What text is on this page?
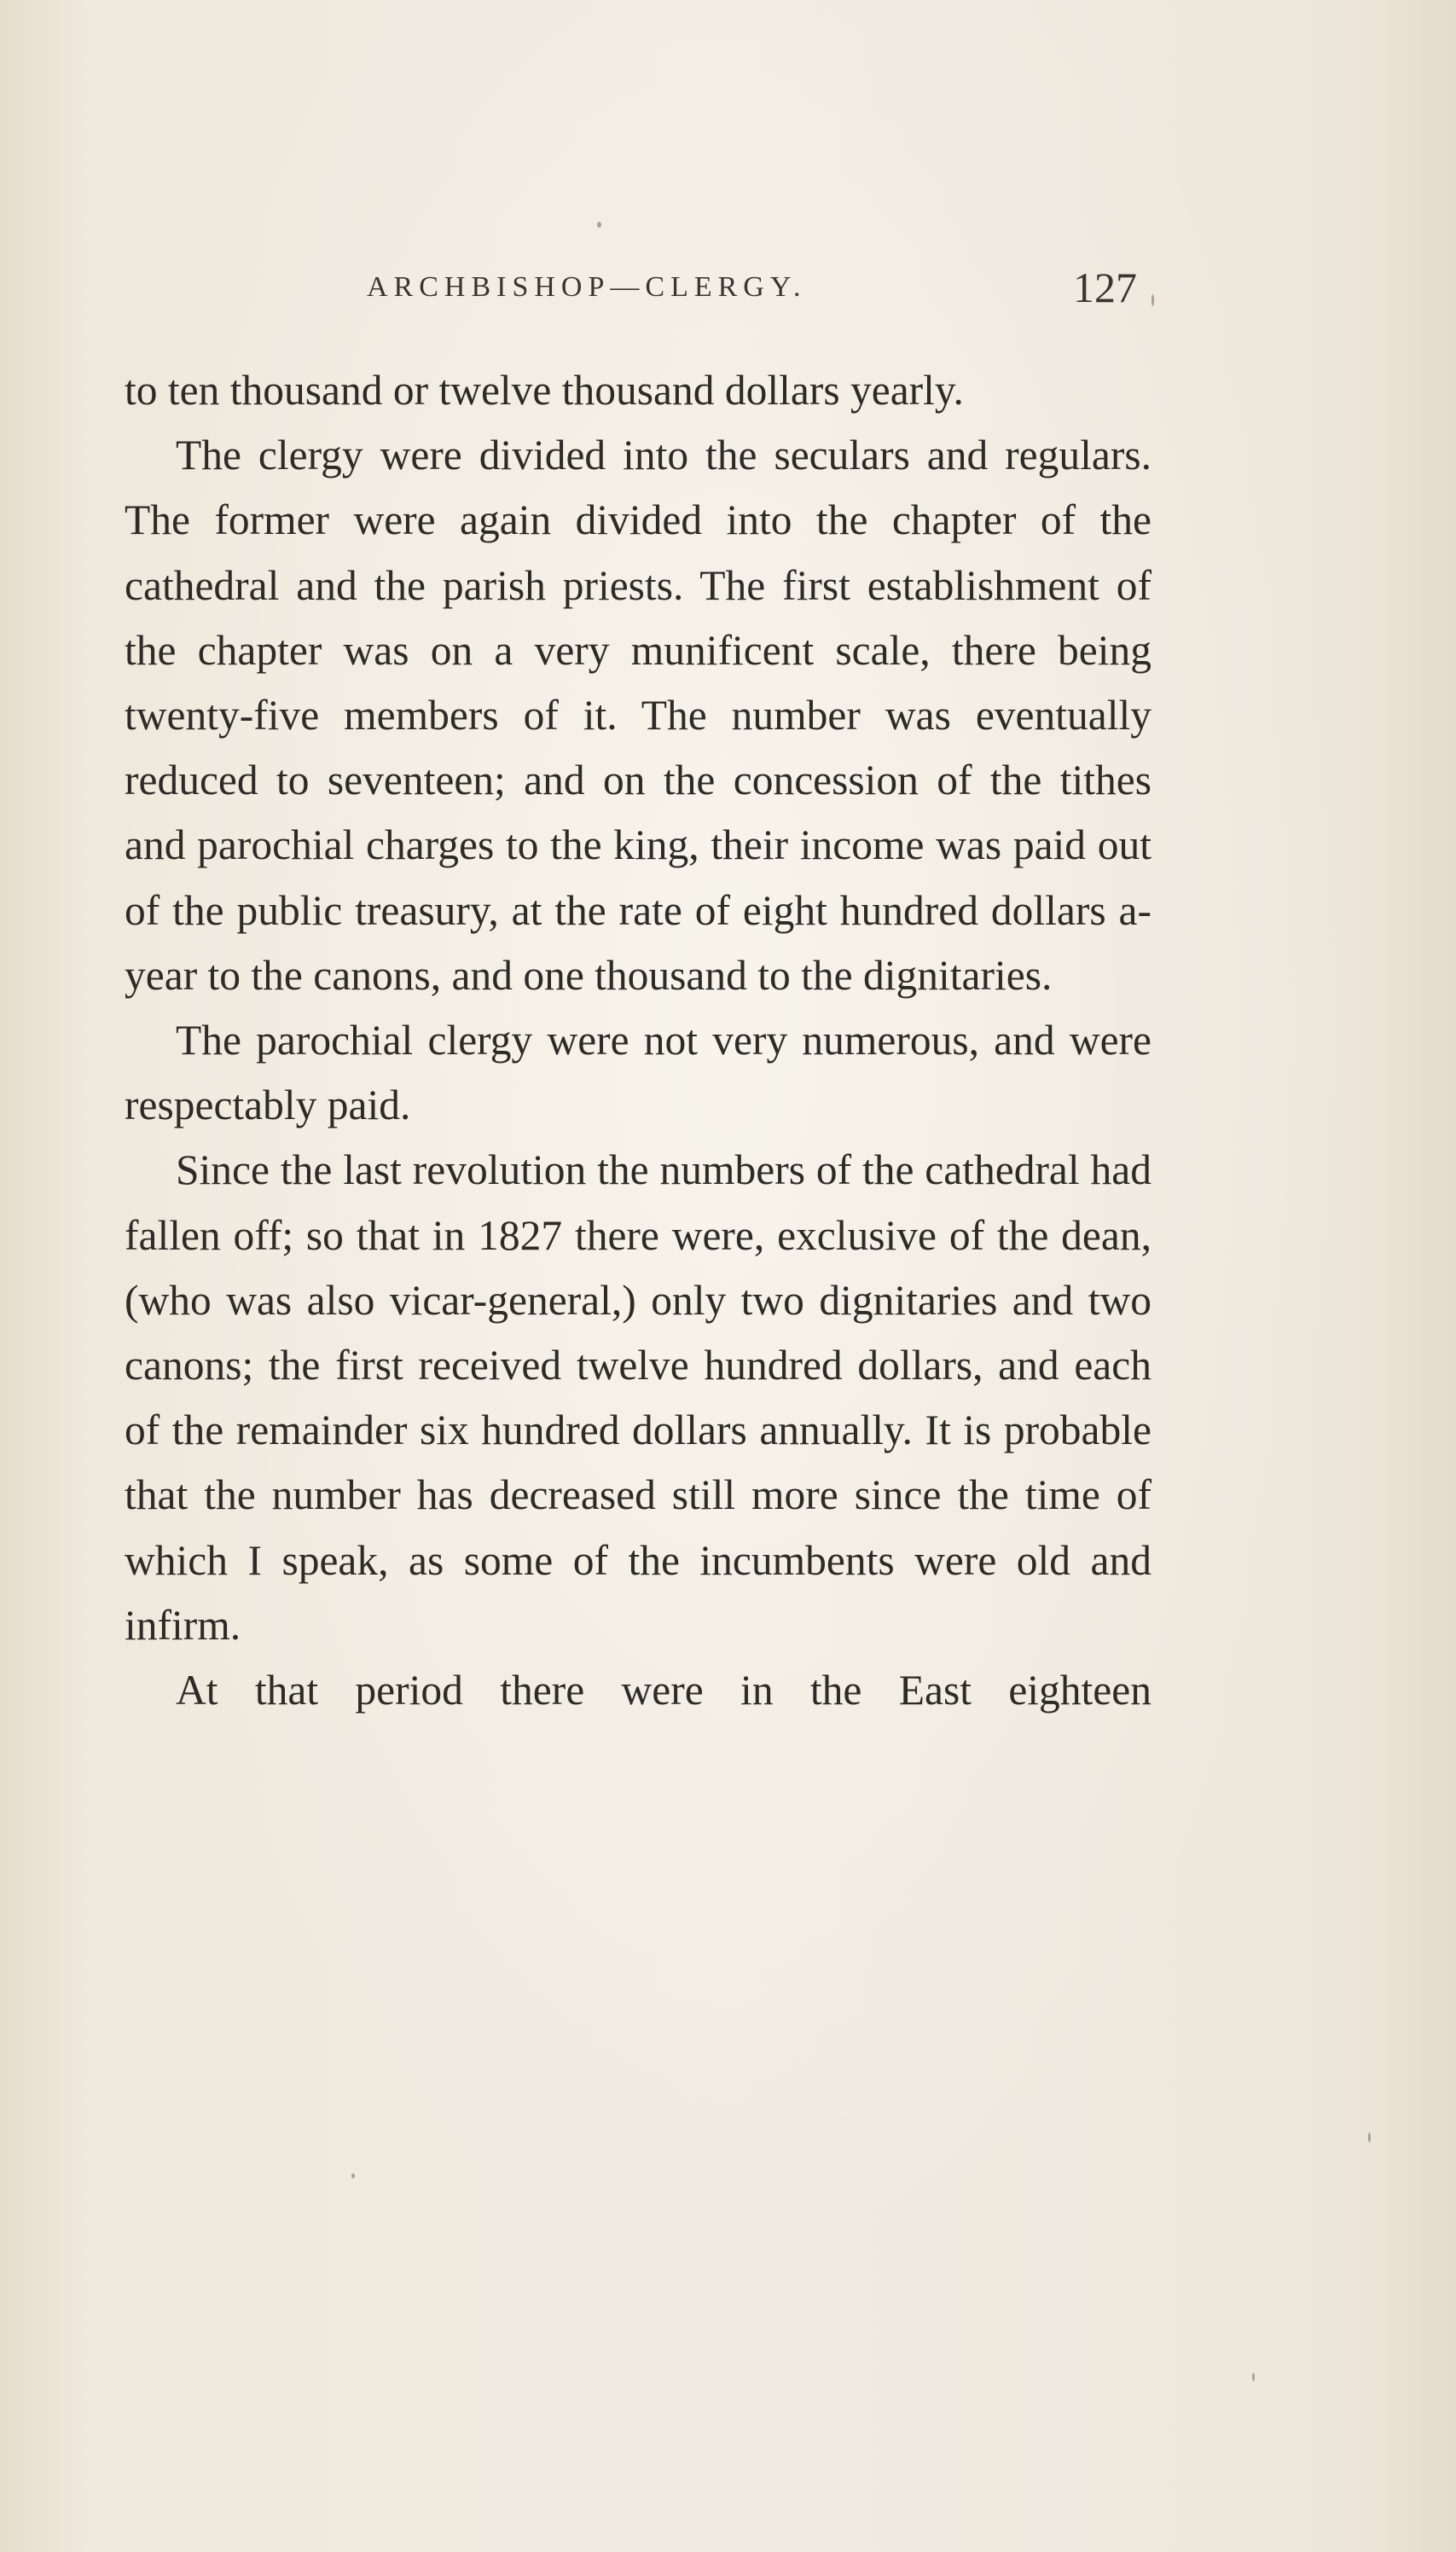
ARCHBISHOP—CLERGY.	127

to ten thousand or twelve thousand dollars yearly.

The clergy were divided into the seculars and regulars. The former were again divided into the chapter of the cathedral and the parish priests. The first establishment of the chapter was on a very munificent scale, there being twenty-five members of it. The number was eventually reduced to seventeen; and on the concession of the tithes and parochial charges to the king, their income was paid out of the public treasury, at the rate of eight hundred dollars a-year to the canons, and one thousand to the dignitaries.

The parochial clergy were not very numerous, and were respectably paid.

Since the last revolution the numbers of the cathedral had fallen off; so that in 1827 there were, exclusive of the dean, (who was also vicar-general,) only two dignitaries and two canons; the first received twelve hundred dollars, and each of the remainder six hundred dollars annually. It is probable that the number has decreased still more since the time of which I speak, as some of the incumbents were old and infirm.

At that period there were in the East eighteen
